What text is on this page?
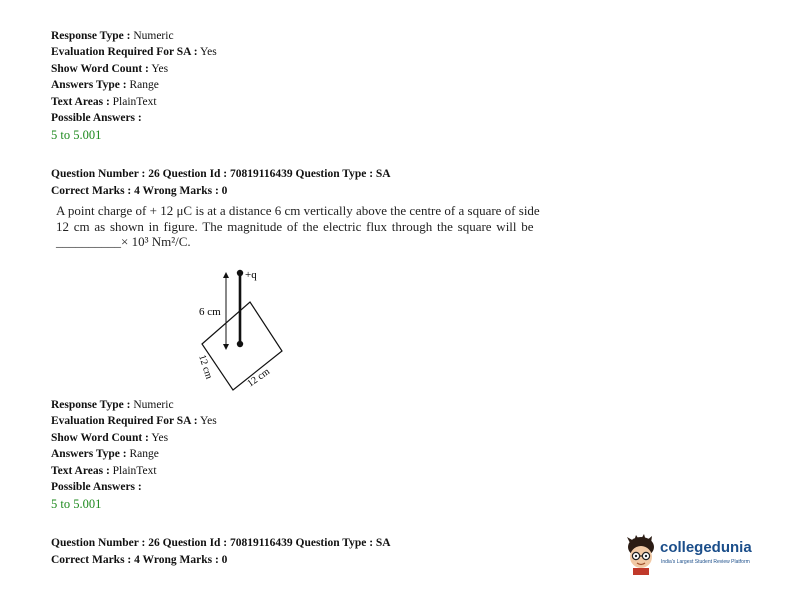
Response Type : Numeric
Evaluation Required For SA : Yes
Show Word Count : Yes
Answers Type : Range
Text Areas : PlainText
Possible Answers :
5 to 5.001
Question Number : 26 Question Id : 70819116439 Question Type : SA
Correct Marks : 4 Wrong Marks : 0
A point charge of + 12 μC is at a distance 6 cm vertically above the centre of a square of side
12 cm as shown in figure. The magnitude of the electric flux through the square will be
__________× 10³ Nm²/C.
+q
6 cm
12 cm	12 cm
Response Type : Numeric
Evaluation Required For SA : Yes
Show Word Count : Yes
Answers Type : Range
Text Areas : PlainText
Possible Answers :
5 to 5.001
Question Number : 26 Question Id : 70819116439 Question Type : SA
Correct Marks : 4 Wrong Marks : 0
collegedunia
India's Largest Student Review Platform
